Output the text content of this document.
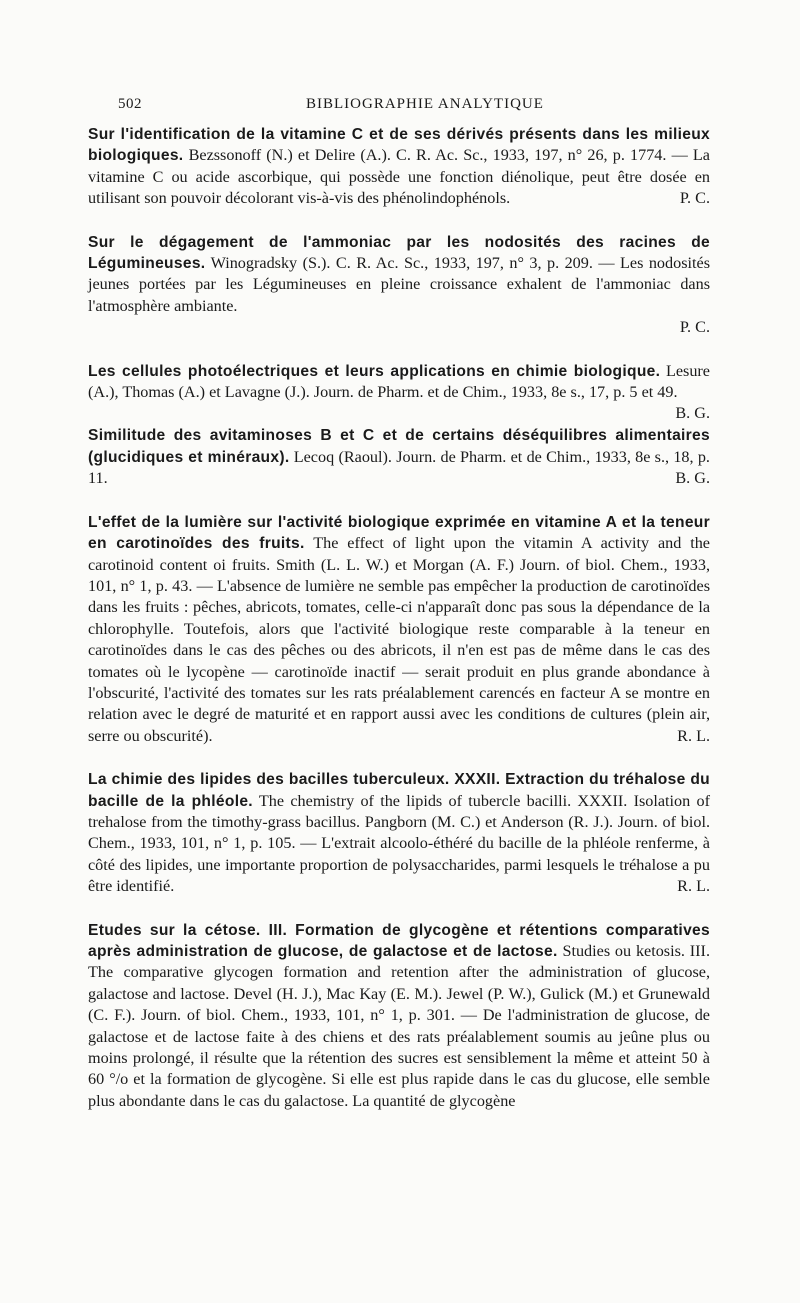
502	BIBLIOGRAPHIE ANALYTIQUE

Sur l'identification de la vitamine C et de ses dérivés présents dans les milieux biologiques. Bezssonoff (N.) et Delire (A.). C. R. Ac. Sc., 1933, 197, n° 26, p. 1774. — La vitamine C ou acide ascorbique, qui possède une fonction diénolique, peut être dosée en utilisant son pouvoir décolorant vis-à-vis des phénolindophénols.	P. C.

Sur le dégagement de l'ammoniac par les nodosités des racines de Légumineuses. Winogradsky (S.). C. R. Ac. Sc., 1933, 197, n° 3, p. 209. — Les nodosités jeunes portées par les Légumineuses en pleine croissance exhalent de l'ammoniac dans l'atmosphère ambiante.
P. C.

Les cellules photoélectriques et leurs applications en chimie biologique. Lesure (A.), Thomas (A.) et Lavagne (J.). Journ. de Pharm. et de Chim., 1933, 8e s., 17, p. 5 et 49.
B. G.

Similitude des avitaminoses B et C et de certains déséquilibres alimentaires (glucidiques et minéraux). Lecoq (Raoul). Journ. de Pharm. et de Chim., 1933, 8e s., 18, p. 11.	B. G.

L'effet de la lumière sur l'activité biologique exprimée en vitamine A et la teneur en carotinoïdes des fruits. The effect of light upon the vitamin A activity and the carotinoid content oi fruits. Smith (L. L. W.) et Morgan (A. F.) Journ. of biol. Chem., 1933, 101, n° 1, p. 43. — L'absence de lumière ne semble pas empêcher la production de carotinoïdes dans les fruits : pêches, abricots, tomates, celle-ci n'apparaît donc pas sous la dépendance de la chlorophylle. Toutefois, alors que l'activité biologique reste comparable à la teneur en carotinoïdes dans le cas des pêches ou des abricots, il n'en est pas de même dans le cas des tomates où le lycopène — carotinoïde inactif — serait produit en plus grande abondance à l'obscurité, l'activité des tomates sur les rats préalablement carencés en facteur A se montre en relation avec le degré de maturité et en rapport aussi avec les conditions de cultures (plein air, serre ou obscurité).	R. L.

La chimie des lipides des bacilles tuberculeux. XXXII. Extraction du tréhalose du bacille de la phléole. The chemistry of the lipids of tubercle bacilli. XXXII. Isolation of trehalose from the timothy-grass bacillus. Pangborn (M. C.) et Anderson (R. J.). Journ. of biol. Chem., 1933, 101, n° 1, p. 105. — L'extrait alcoolo-éthéré du bacille de la phléole renferme, à côté des lipides, une importante proportion de polysaccharides, parmi lesquels le tréhalose a pu être identifié.	R. L.

Etudes sur la cétose. III. Formation de glycogène et rétentions comparatives après administration de glucose, de galactose et de lactose. Studies ou ketosis. III. The comparative glycogen formation and retention after the administration of glucose, galactose and lactose. Devel (H. J.), Mac Kay (E. M.). Jewel (P. W.), Gulick (M.) et Grunewald (C. F.). Journ. of biol. Chem., 1933, 101, n° 1, p. 301. — De l'administration de glucose, de galactose et de lactose faite à des chiens et des rats préalablement soumis au jeûne plus ou moins prolongé, il résulte que la rétention des sucres est sensiblement la même et atteint 50 à 60 °/o et la formation de glycogène. Si elle est plus rapide dans le cas du glucose, elle semble plus abondante dans le cas du galactose. La quantité de glycogène
